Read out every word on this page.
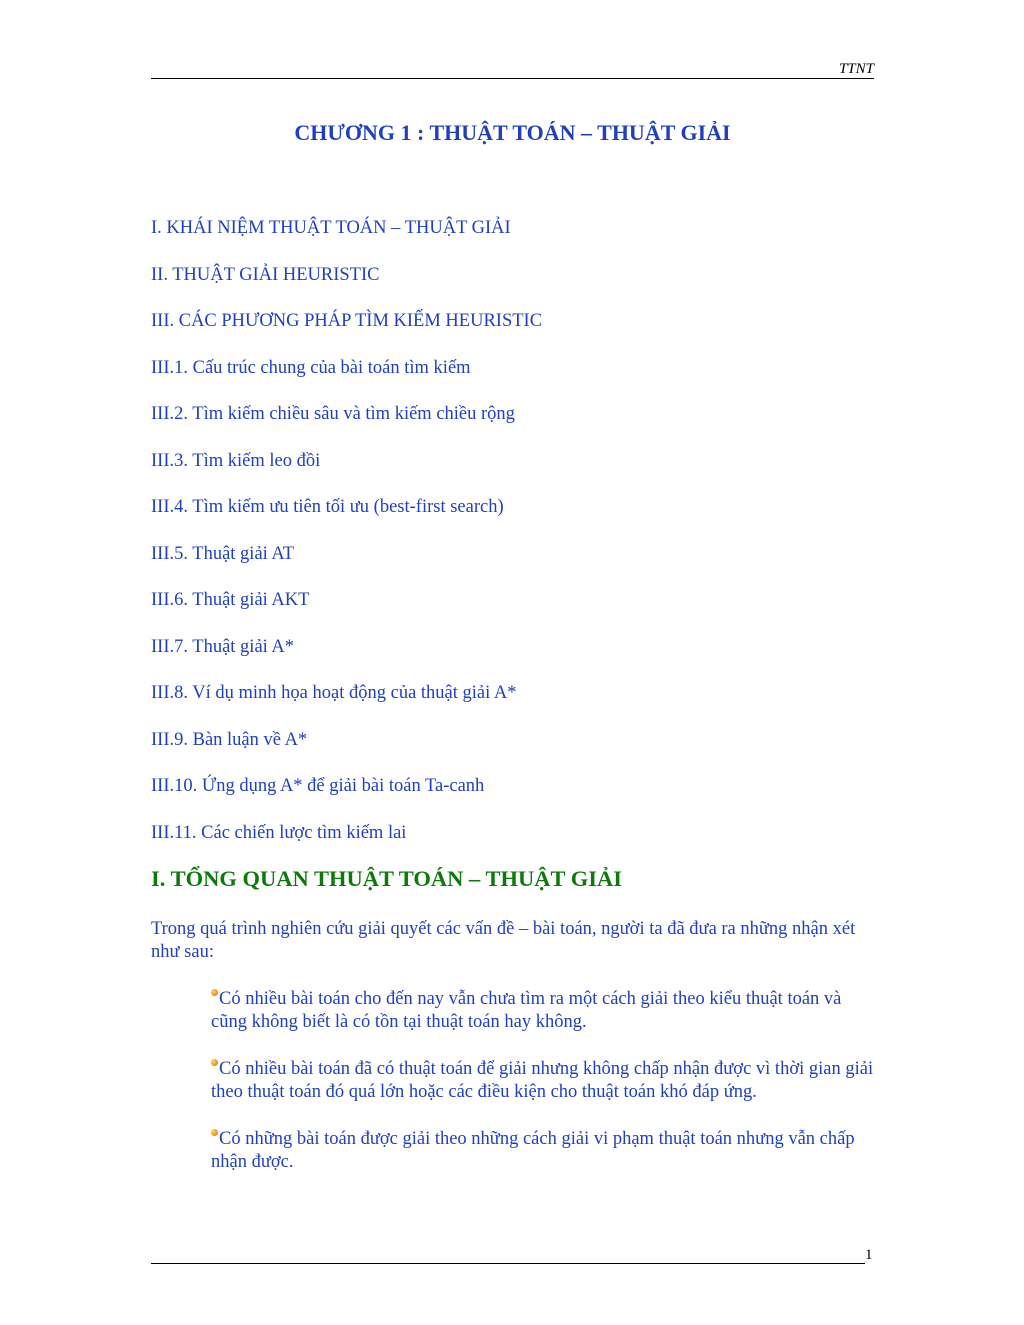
TTNT
CHƯƠNG 1 : THUẬT TOÁN – THUẬT GIẢI
I. KHÁI NIỆM THUẬT TOÁN – THUẬT GIẢI
II. THUẬT GIẢI HEURISTIC
III. CÁC PHƯƠNG PHÁP TÌM KIẾM HEURISTIC
III.1. Cấu trúc chung của bài toán tìm kiếm
III.2. Tìm kiếm chiều sâu và tìm kiếm chiều rộng
III.3. Tìm kiếm leo đồi
III.4. Tìm kiếm ưu tiên tối ưu (best-first search)
III.5. Thuật giải AT
III.6. Thuật giải AKT
III.7. Thuật giải A*
III.8. Ví dụ minh họa hoạt động của thuật giải A*
III.9. Bàn luận về A*
III.10. Ứng dụng A* để giải bài toán Ta-canh
III.11. Các chiến lược tìm kiếm lai
I. TỔNG QUAN THUẬT TOÁN – THUẬT GIẢI
Trong quá trình nghiên cứu giải quyết các vấn đề – bài toán, người ta đã đưa ra những nhận xét như sau:
Có nhiều bài toán cho đến nay vẫn chưa tìm ra một cách giải theo kiểu thuật toán và cũng không biết là có tồn tại thuật toán hay không.
Có nhiều bài toán đã có thuật toán để giải nhưng không chấp nhận được vì thời gian giải theo thuật toán đó quá lớn hoặc các điều kiện cho thuật toán khó đáp ứng.
Có những bài toán được giải theo những cách giải vi phạm thuật toán nhưng vẫn chấp nhận được.
1
